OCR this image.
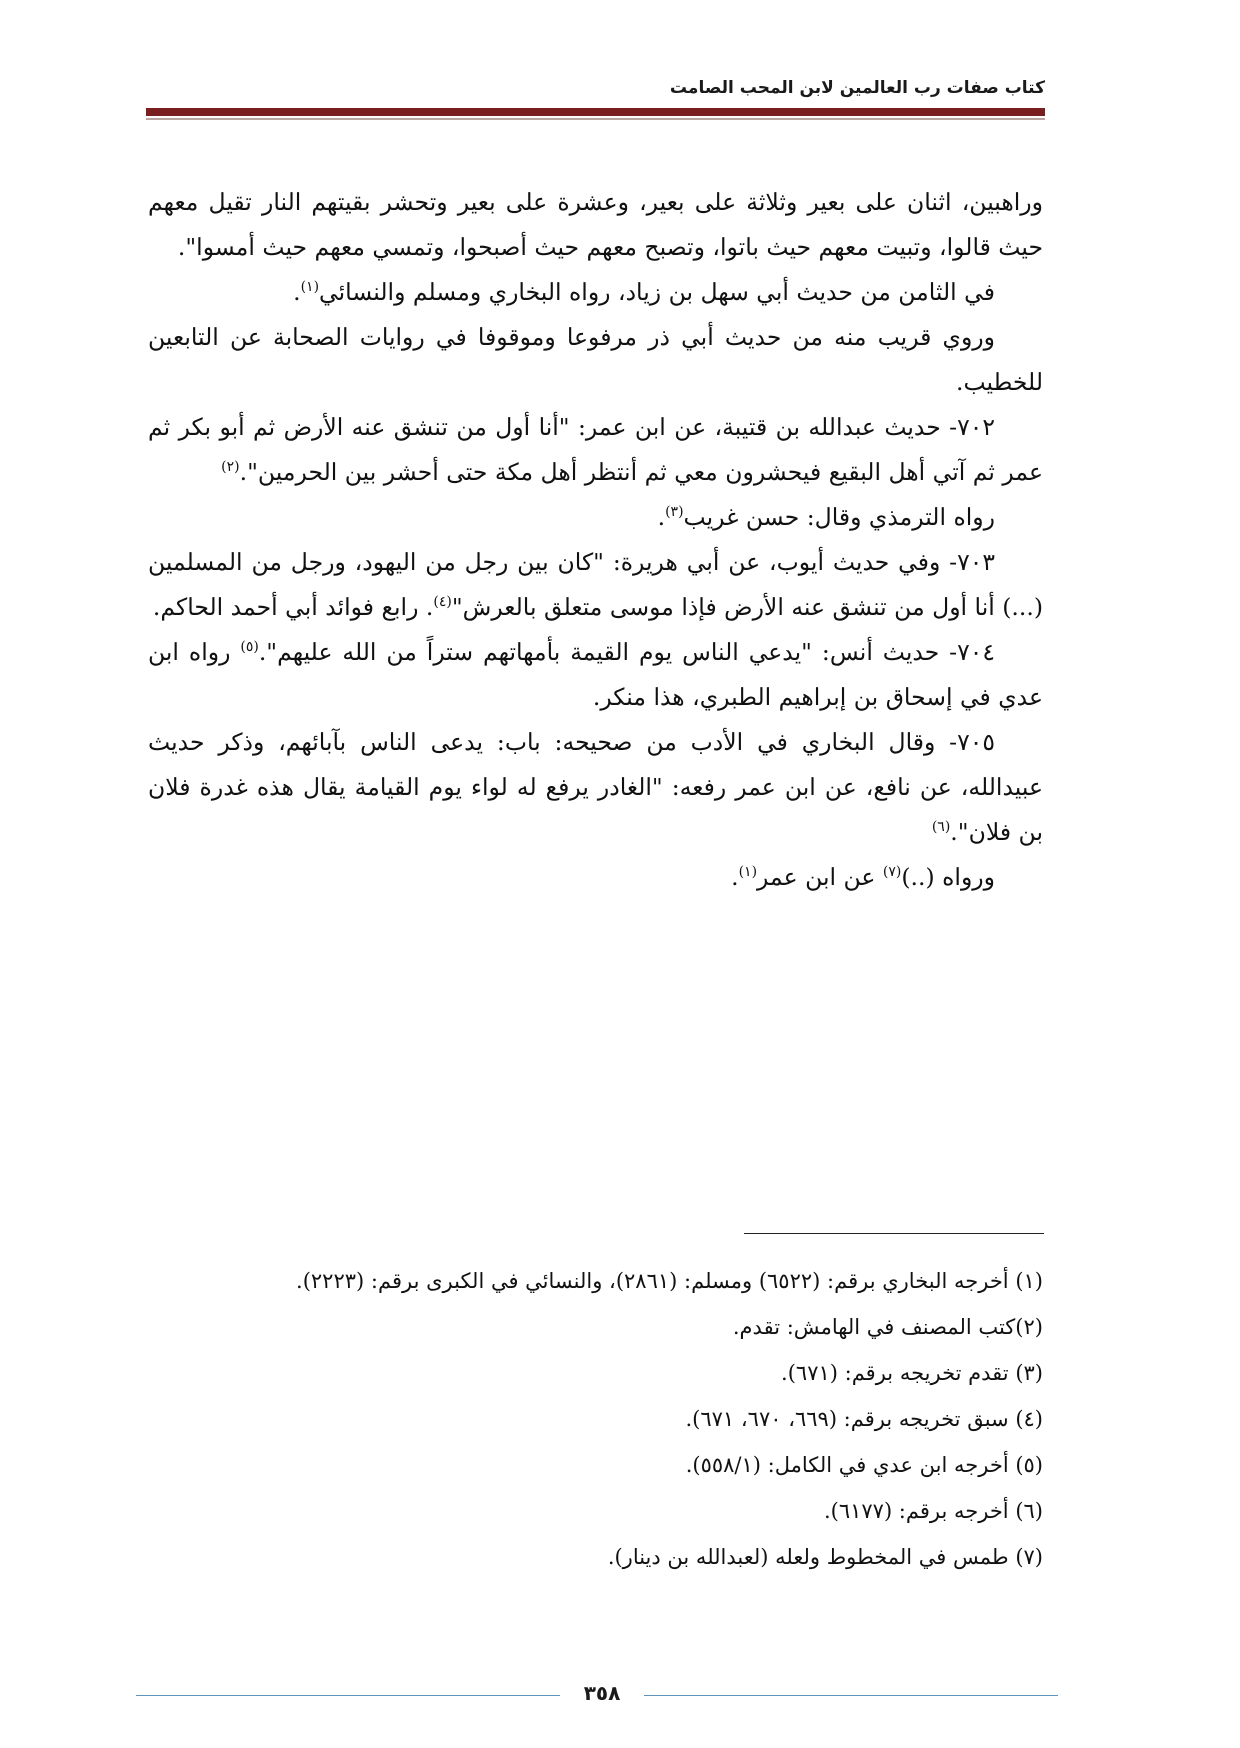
كتاب صفات رب العالمين لابن المحب الصامت

وراهبين، اثنان على بعير وثلاثة على بعير، وعشرة على بعير وتحشر بقيتهم النار تقيل معهم حيث قالوا، وتبيت معهم حيث باتوا، وتصبح معهم حيث أصبحوا، وتمسي معهم حيث أمسوا".

في الثامن من حديث أبي سهل بن زياد، رواه البخاري ومسلم والنسائي$^{(١)}$.

وروي قريب منه من حديث أبي ذر مرفوعا وموقوفا في روايات الصحابة عن التابعين للخطيب.

٧٠٢- حديث عبدالله بن قتيبة، عن ابن عمر: "أنا أول من تنشق عنه الأرض ثم أبو بكر ثم عمر ثم آتي أهل البقيع فيحشرون معي ثم أنتظر أهل مكة حتى أحشر بين الحرمين".$^{(٢)}$

رواه الترمذي وقال: حسن غريب$^{(٣)}$.

٧٠٣- وفي حديث أيوب، عن أبي هريرة: "كان بين رجل من اليهود، ورجل من المسلمين (...) أنا أول من تنشق عنه الأرض فإذا موسى متعلق بالعرش"$^{(٤)}$. رابع فوائد أبي أحمد الحاكم.

٧٠٤- حديث أنس: "يدعي الناس يوم القيمة بأمهاتهم ستراً من الله عليهم".$^{(٥)}$ رواه ابن عدي في إسحاق بن إبراهيم الطبري، هذا منكر.

٧٠٥- وقال البخاري في الأدب من صحيحه: باب: يدعى الناس بآبائهم، وذكر حديث عبيدالله، عن نافع، عن ابن عمر رفعه: "الغادر يرفع له لواء يوم القيامة يقال هذه غدرة فلان بن فلان".$^{(٦)}$

ورواه (..)$^{(٧)}$ عن ابن عمر$^{(١)}$.

(١) أخرجه البخاري برقم: (٦٥٢٢) ومسلم: (٢٨٦١)، والنسائي في الكبرى برقم: (٢٢٢٣).
(٢)كتب المصنف في الهامش: تقدم.
(٣) تقدم تخريجه برقم: (٦٧١).
(٤) سبق تخريجه برقم: (٦٦٩، ٦٧٠، ٦٧١).
(٥) أخرجه ابن عدي في الكامل: (٥٥٨/١).
(٦) أخرجه برقم: (٦١٧٧).
(٧) طمس في المخطوط ولعله (لعبدالله بن دينار).
٣٥٨
